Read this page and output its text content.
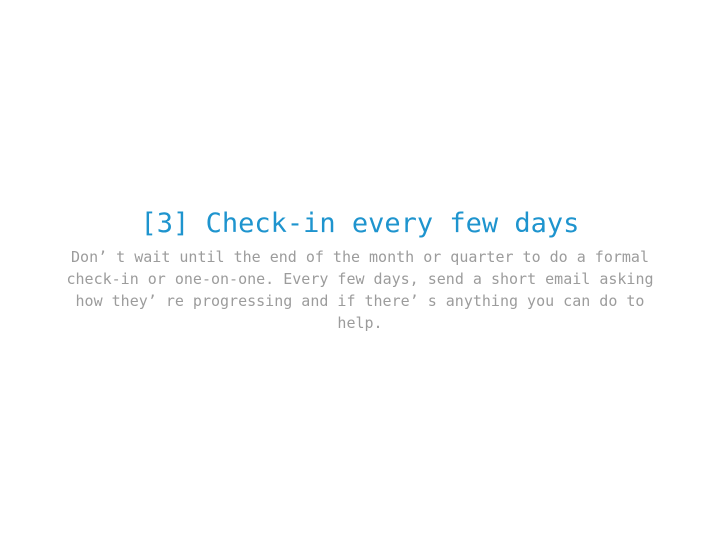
[3] Check-in every few days
Don’ t wait until the end of the month or quarter to do a formal
check-in or one-on-one. Every few days, send a short email asking
how they’ re progressing and if there’ s anything you can do to
help.
